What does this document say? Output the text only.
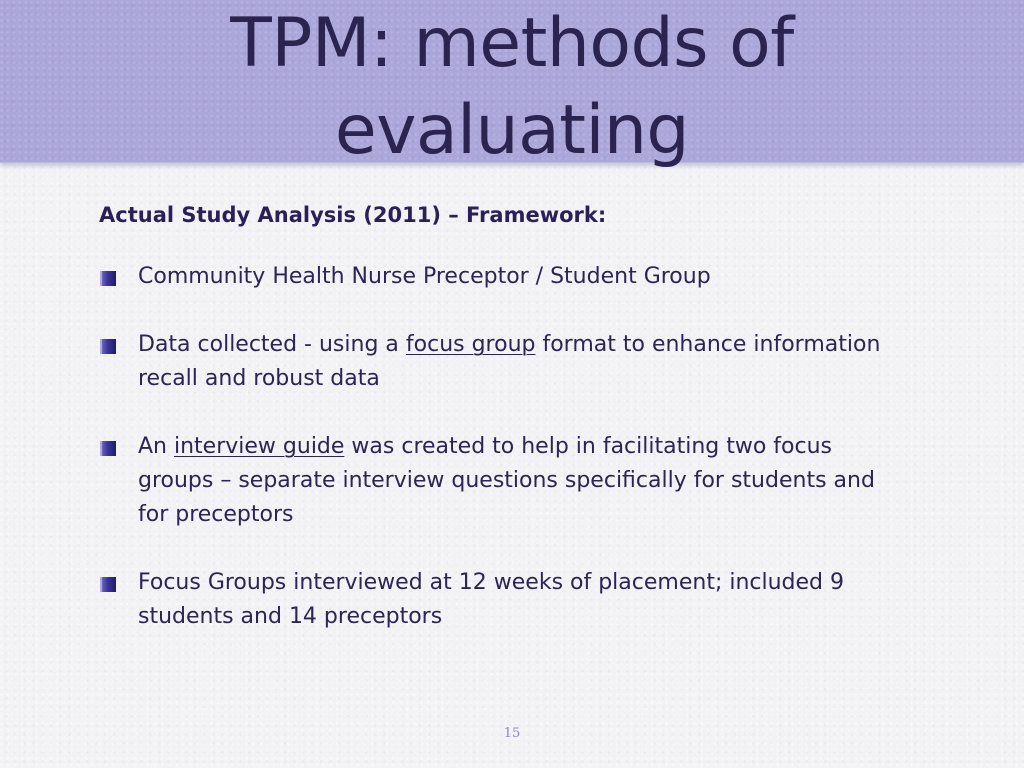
TPM: methods of
evaluating

Actual Study Analysis (2011) – Framework:

Community Health Nurse Preceptor / Student Group
Data collected - using a focus group format to enhance information recall and robust data
An interview guide was created to help in facilitating two focus groups – separate interview questions specifically for students and for preceptors
Focus Groups interviewed at 12 weeks of placement; included 9 students and 14 preceptors
15
